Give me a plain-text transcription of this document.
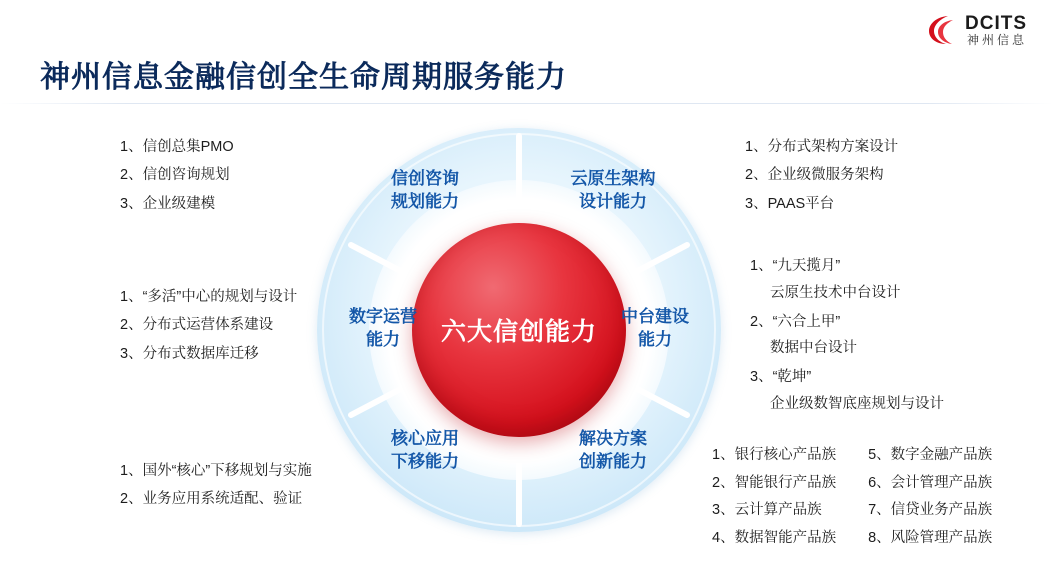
DCITS
神州信息
神州信息金融信创全生命周期服务能力
六大信创能力
信创咨询
规划能力
云原生架构
设计能力
中台建设
能力
解决方案
创新能力
核心应用
下移能力
数字运营
能力
1、信创总集PMO
2、信创咨询规划
3、企业级建模
1、“多活”中心的规划与设计
2、分布式运营体系建设
3、分布式数据库迁移
1、国外“核心”下移规划与实施
2、业务应用系统适配、验证
1、分布式架构方案设计
2、企业级微服务架构
3、PAAS平台
1、“九天揽月”
云原生技术中台设计
2、“六合上甲”
数据中台设计
3、“乾坤”
企业级数智底座规划与设计
1、银行核心产品族
2、智能银行产品族
3、云计算产品族
4、数据智能产品族
5、数字金融产品族
6、会计管理产品族
7、信贷业务产品族
8、风险管理产品族
